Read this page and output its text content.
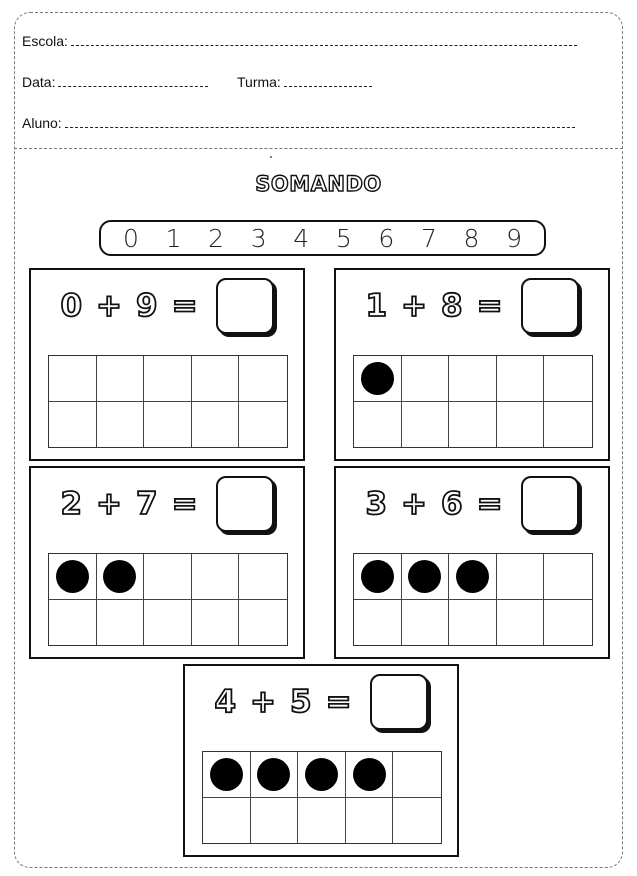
Escola:
Data:	Turma:
Aluno:
SOMANDO
0 1 2 3 4 5 6 7 8 9
0 + 9 =	1 + 8 =
2 + 7 =	3 + 6 =
4 + 5 =
